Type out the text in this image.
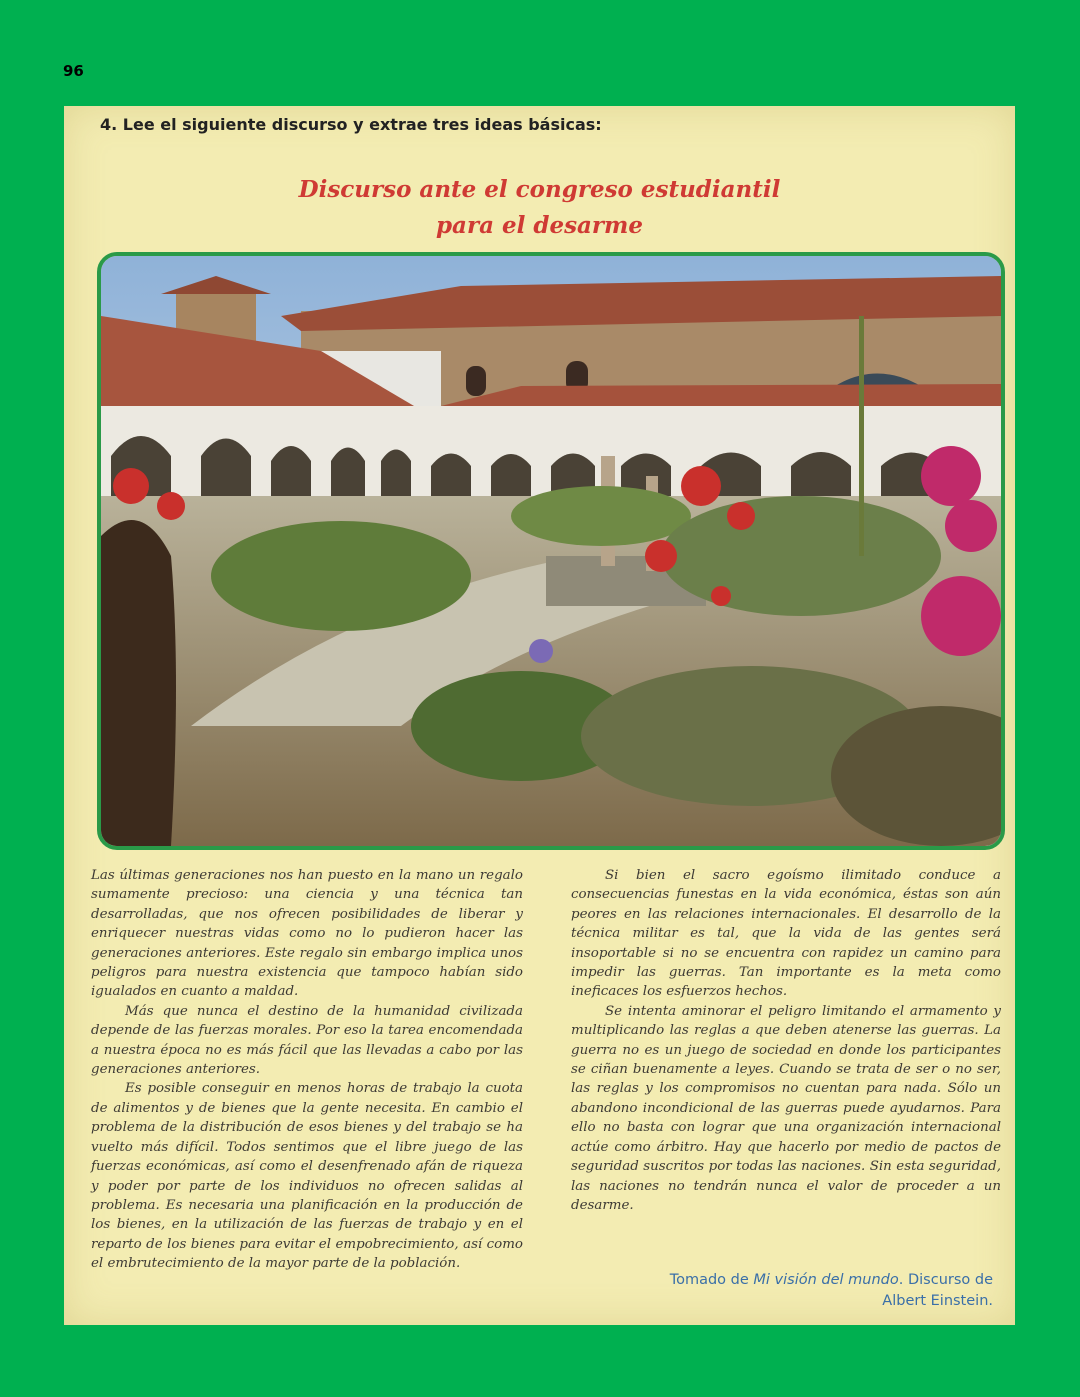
96
4. Lee el siguiente discurso y extrae tres ideas básicas:
Discurso ante el congreso estudiantil
para el desarme

Las últimas generaciones nos han puesto en la mano un regalo sumamente precioso: una ciencia y una técnica tan desarrolladas, que nos ofrecen posibilidades de liberar y enriquecer nuestras vidas como no lo pudieron hacer las generaciones anteriores. Este regalo sin embargo implica unos peligros para nuestra existencia que tampoco habían sido igualados en cuanto a maldad.

Más que nunca el destino de la humanidad civilizada depende de las fuerzas morales. Por eso la tarea encomendada a nuestra época no es más fácil que las llevadas a cabo por las generaciones anteriores.

Es posible conseguir en menos horas de trabajo la cuota de alimentos y de bienes que la gente necesita. En cambio el problema de la distribución de esos bienes y del trabajo se ha vuelto más difícil. Todos sentimos que el libre juego de las fuerzas económicas, así como el desenfrenado afán de riqueza y poder por parte de los individuos no ofrecen salidas al problema. Es necesaria una planificación en la producción de los bienes, en la utilización de las fuerzas de trabajo y en el reparto de los bienes para evitar el empobrecimiento, así como el embrutecimiento de la mayor parte de la población.

Si bien el sacro egoísmo ilimitado conduce a consecuencias funestas en la vida económica, éstas son aún peores en las relaciones internacionales. El desarrollo de la técnica militar es tal, que la vida de las gentes será insoportable si no se encuentra con rapidez un camino para impedir las guerras. Tan importante es la meta como ineficaces los esfuerzos hechos.

Se intenta aminorar el peligro limitando el armamento y multiplicando las reglas a que deben atenerse las guerras. La guerra no es un juego de sociedad en donde los participantes se ciñan buenamente a leyes. Cuando se trata de ser o no ser, las reglas y los compromisos no cuentan para nada. Sólo un abandono incondicional de las guerras puede ayudarnos. Para ello no basta con lograr que una organización internacional actúe como árbitro. Hay que hacerlo por medio de pactos de seguridad suscritos por todas las naciones. Sin esta seguridad, las naciones no tendrán nunca el valor de proceder a un desarme.

Tomado de Mi visión del mundo. Discurso de
Albert Einstein.
